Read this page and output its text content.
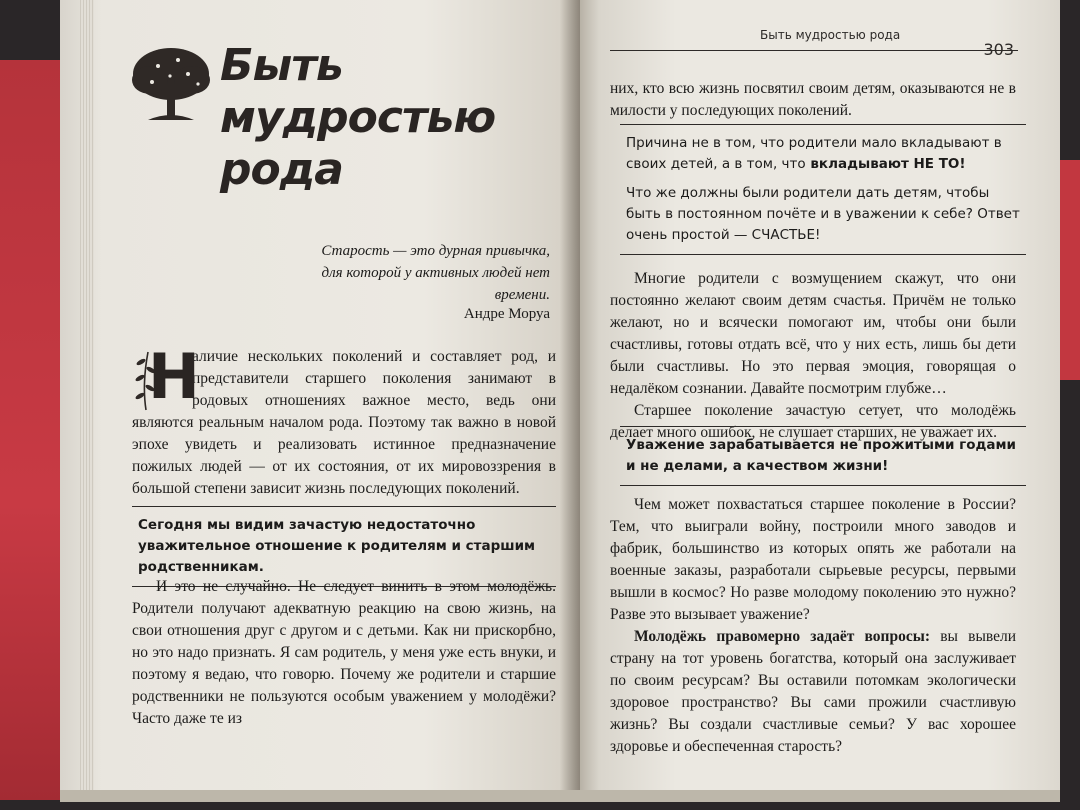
Быть мудростью рода
Старость — это дурная привычка, для которой у активных людей нет времени.
Андре Моруа
Н
аличие нескольких поколений и составляет род, и представители старшего поколения занимают в родовых отношениях важное место, ведь они являются реальным началом рода. Поэтому так важно в новой эпохе увидеть и реализовать истинное предназначение пожилых людей — от их состояния, от их мировоззрения в большой степени зависит жизнь последующих поколений.

Сегодня мы видим зачастую недостаточно уважительное отношение к родителям и старшим родственникам.

И это не случайно. Не следует винить в этом молодёжь. Родители получают адекватную реакцию на свою жизнь, на свои отношения друг с другом и с детьми. Как ни прискорбно, но это надо признать. Я сам родитель, у меня уже есть внуки, и поэтому я ведаю, что говорю. Почему же родители и старшие родственники не пользуются особым уважением у молодёжи? Часто даже те из
Быть мудростью рода
303

них, кто всю жизнь посвятил своим детям, оказываются не в милости у последующих поколений.

Причина не в том, что родители мало вкладывают в своих детей, а в том, что вкладывают НЕ ТО!

Что же должны были родители дать детям, чтобы быть в постоянном почёте и в уважении к себе? Ответ очень простой — СЧАСТЬЕ!

Многие родители с возмущением скажут, что они постоянно желают своим детям счастья. Причём не только желают, но и всячески помогают им, чтобы они были счастливы, готовы отдать всё, что у них есть, лишь бы дети были счастливы. Но это первая эмоция, говорящая о недалёком сознании. Давайте посмотрим глубже…

Старшее поколение зачастую сетует, что молодёжь делает много ошибок, не слушает старших, не уважает их.

Уважение зарабатывается не прожитыми годами и не делами, а качеством жизни!

Чем может похвастаться старшее поколение в России? Тем, что выиграли войну, построили много заводов и фабрик, большинство из которых опять же работали на военные заказы, разработали сырьевые ресурсы, первыми вышли в космос? Но разве молодому поколению это нужно? Разве это вызывает уважение?

Молодёжь правомерно задаёт вопросы: вы вывели страну на тот уровень богатства, который она заслуживает по своим ресурсам? Вы оставили потомкам экологически здоровое пространство? Вы сами прожили счастливую жизнь? Вы создали счастливые семьи? У вас хорошее здоровье и обеспеченная старость?
